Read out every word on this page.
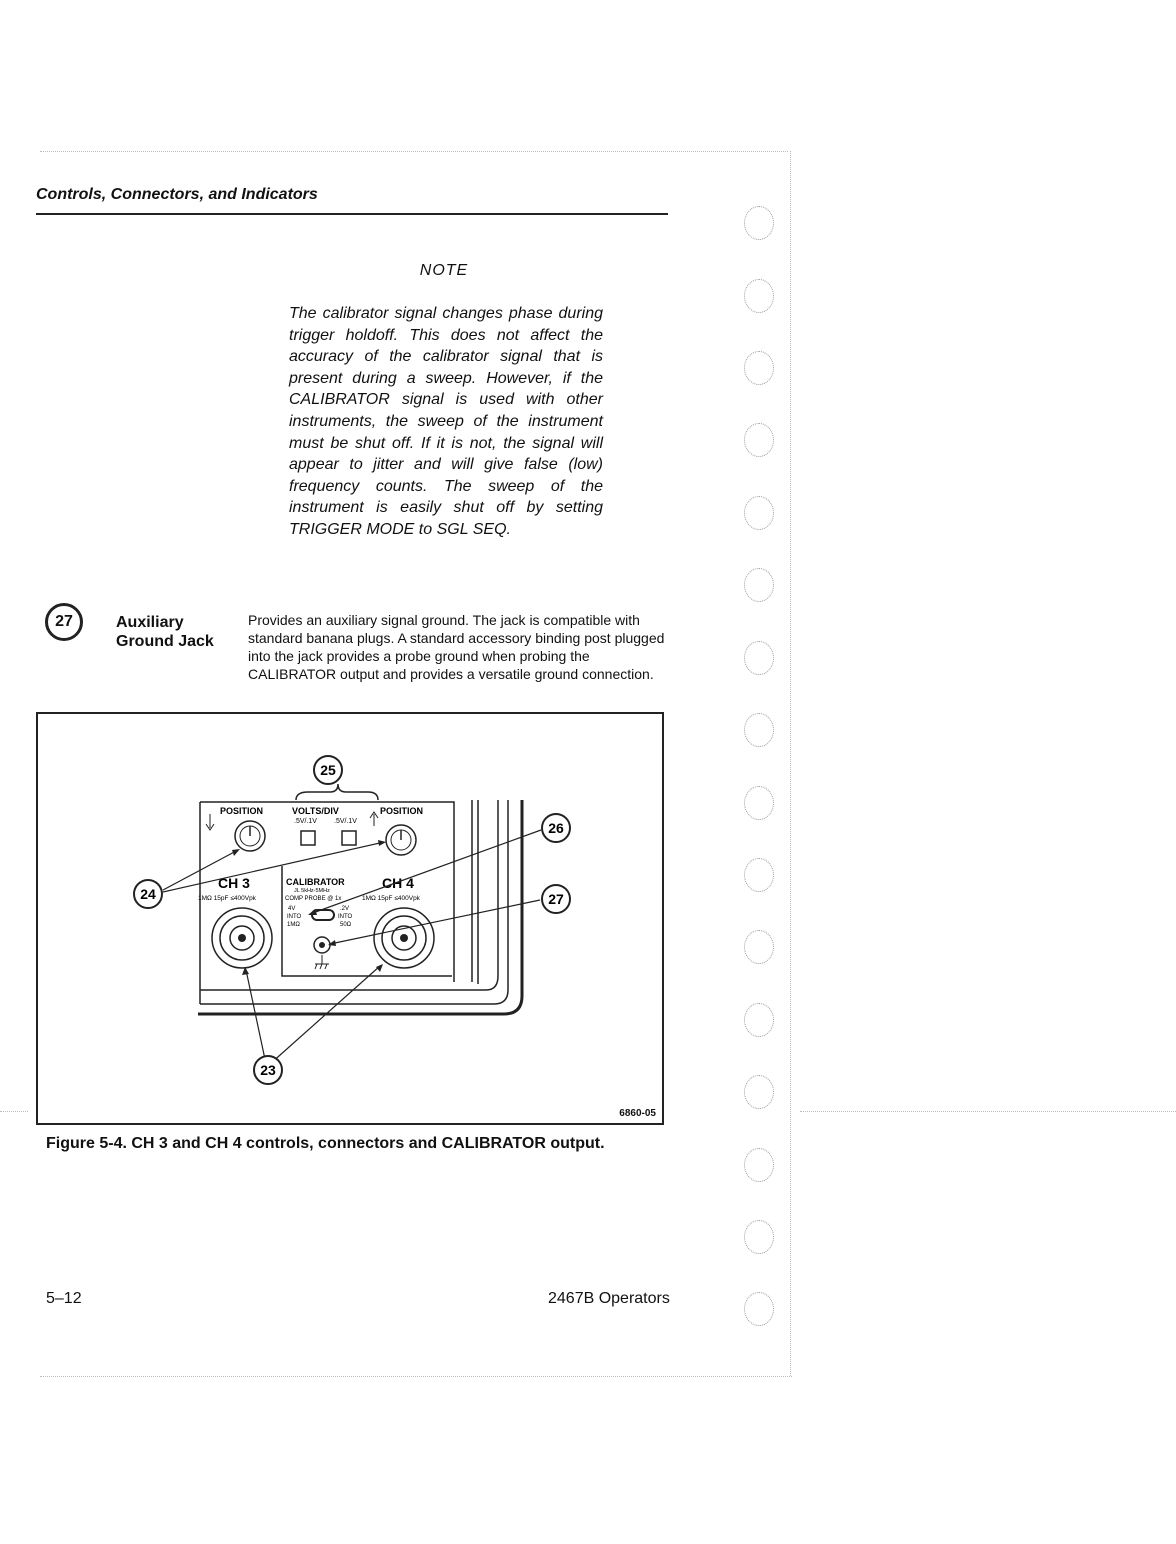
Controls, Connectors, and Indicators
NOTE
The calibrator signal changes phase during trigger holdoff. This does not affect the accuracy of the calibrator signal that is present during a sweep. However, if the CALIBRATOR signal is used with other instruments, the sweep of the instrument must be shut off. If it is not, the signal will appear to jitter and will give false (low) frequency counts. The sweep of the instrument is easily shut off by setting TRIGGER MODE to SGL SEQ.
27	Auxiliary
Ground Jack
Provides an auxiliary signal ground. The jack is compatible with standard banana plugs. A standard accessory binding post plugged into the jack provides a probe ground when probing the CALIBRATOR output and provides a versatile ground connection.
POSITION	VOLTS/DIV
.5V/.1V .5V/.1V
POSITION
CH 3
1MΩ 15pF ≤400Vpk
CALIBRATOR
JL 5kHz-5MHz
COMP PROBE @ 1x
4V
INTO
1MΩ
.2V
INTO
50Ω
CH 4
1MΩ 15pF ≤400Vpk
25
24
26
27
23
6860-05
Figure 5-4. CH 3 and CH 4 controls, connectors and CALIBRATOR output.
5–12	2467B Operators
